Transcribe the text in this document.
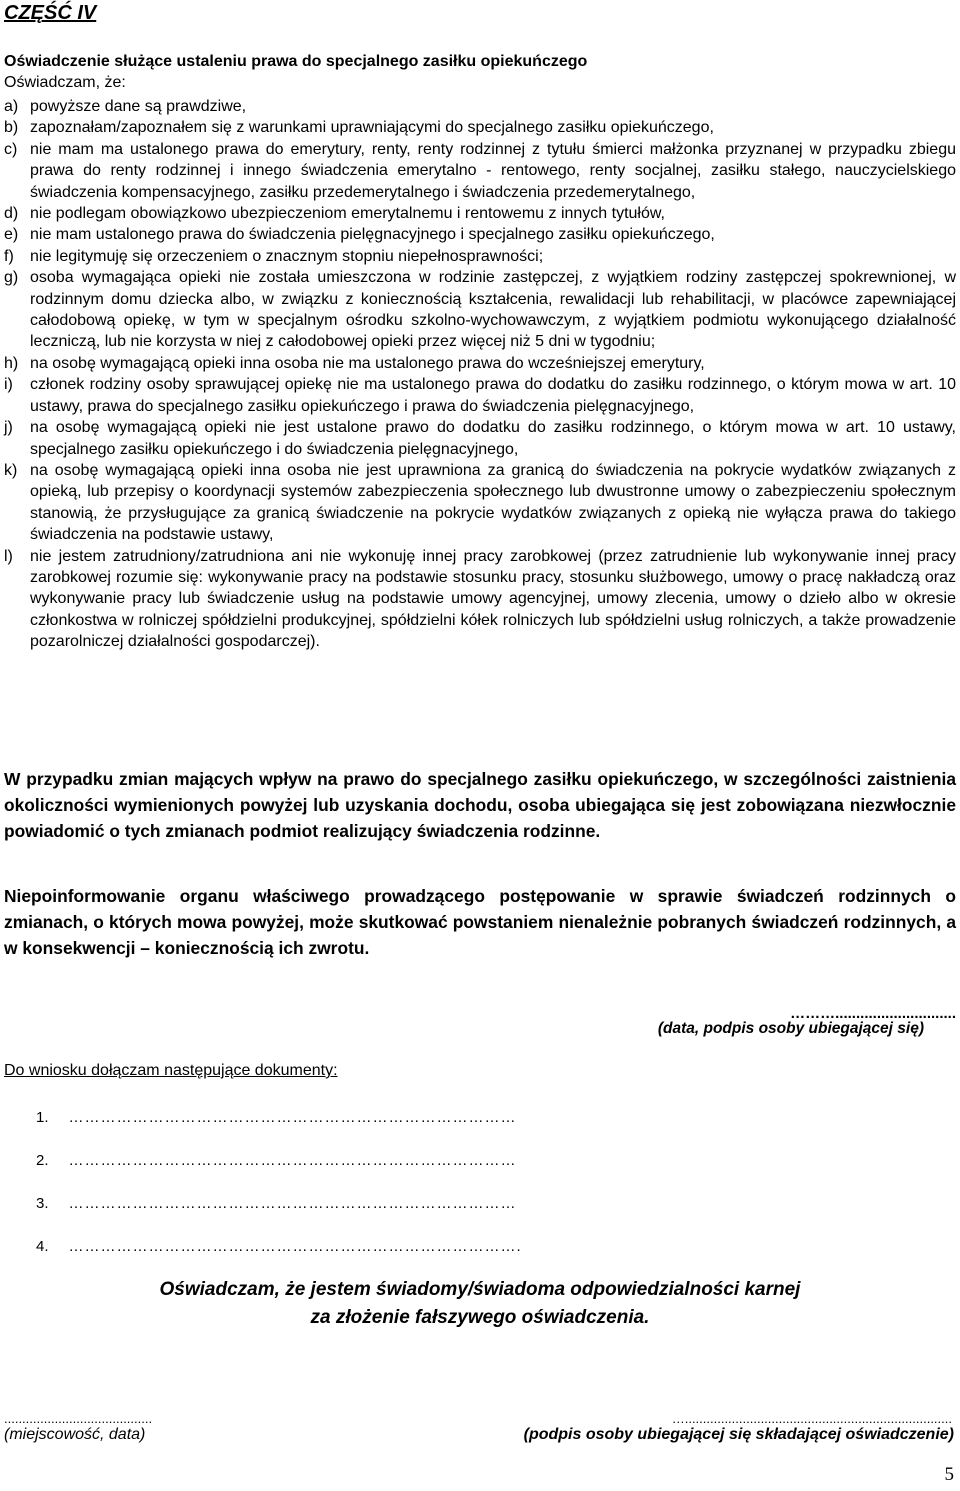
CZĘŚĆ IV
Oświadczenie służące ustaleniu prawa do specjalnego zasiłku opiekuńczego
Oświadczam, że:
a) powyższe dane są prawdziwe,
b) zapoznałam/zapoznałem się z warunkami uprawniającymi do specjalnego zasiłku opiekuńczego,
c) nie mam ma ustalonego prawa do emerytury, renty, renty rodzinnej z tytułu śmierci małżonka przyznanej w przypadku zbiegu prawa do renty rodzinnej i innego świadczenia emerytalno - rentowego, renty socjalnej, zasiłku stałego, nauczycielskiego świadczenia kompensacyjnego, zasiłku przedemerytalnego i świadczenia przedemerytalnego,
d) nie podlegam obowiązkowo ubezpieczeniom emerytalnemu i rentowemu z innych tytułów,
e) nie mam ustalonego prawa do świadczenia pielęgnacyjnego i specjalnego zasiłku opiekuńczego,
f)	nie legitymuję się orzeczeniem o znacznym stopniu niepełnosprawności;
g) osoba wymagająca opieki nie została umieszczona w rodzinie zastępczej, z wyjątkiem rodziny zastępczej spokrewnionej, w rodzinnym domu dziecka albo, w związku z koniecznością kształcenia, rewalidacji lub rehabilitacji, w placówce zapewniającej całodobową opiekę, w tym w specjalnym ośrodku szkolno-wychowawczym, z wyjątkiem podmiotu wykonującego działalność leczniczą, lub nie korzysta w niej z całodobowej opieki przez więcej niż 5 dni w tygodniu;
h) na osobę wymagającą opieki inna osoba nie ma ustalonego prawa do wcześniejszej emerytury,
i)	członek rodziny osoby sprawującej opiekę nie ma ustalonego prawa do dodatku do zasiłku rodzinnego, o którym mowa w art. 10 ustawy, prawa do specjalnego zasiłku opiekuńczego i prawa do świadczenia pielęgnacyjnego,
j)	na osobę wymagającą opieki nie jest ustalone prawo do dodatku do zasiłku rodzinnego, o którym mowa w art. 10 ustawy, specjalnego zasiłku opiekuńczego i do świadczenia pielęgnacyjnego,
k) na osobę wymagającą opieki inna osoba nie jest uprawniona za granicą do świadczenia na pokrycie wydatków związanych z opieką, lub przepisy o koordynacji systemów zabezpieczenia społecznego lub dwustronne umowy o zabezpieczeniu społecznym stanowią, że przysługujące za granicą świadczenie na pokrycie wydatków związanych z opieką nie wyłącza prawa do takiego świadczenia na podstawie ustawy,
l)	nie jestem zatrudniony/zatrudniona ani nie wykonuję innej pracy zarobkowej (przez zatrudnienie lub wykonywanie innej pracy zarobkowej rozumie się: wykonywanie pracy na podstawie stosunku pracy, stosunku służbowego, umowy o pracę nakładczą oraz wykonywanie pracy lub świadczenie usług na podstawie umowy agencyjnej, umowy zlecenia, umowy o dzieło albo w okresie członkostwa w rolniczej spółdzielni produkcyjnej, spółdzielni kółek rolniczych lub spółdzielni usług rolniczych, a także prowadzenie pozarolniczej działalności gospodarczej).
W przypadku zmian mających wpływ na prawo do specjalnego zasiłku opiekuńczego, w szczególności zaistnienia okoliczności wymienionych powyżej lub uzyskania dochodu, osoba ubiegająca się jest zobowiązana niezwłocznie powiadomić o tych zmianach podmiot realizujący świadczenia rodzinne.
Niepoinformowanie organu właściwego prowadzącego postępowanie w sprawie świadczeń rodzinnych o zmianach, o których mowa powyżej, może skutkować powstaniem nienależnie pobranych świadczeń rodzinnych, a w konsekwencji – koniecznością ich zwrotu.
……….............................
(data, podpis osoby ubiegającej się)
Do wniosku dołączam następujące dokumenty:
1. …………………………………………………………………………
2. …………………………………………………………………………
3. …………………………………………………………………………
4. ………………………………………………………………………….
Oświadczam, że jestem świadomy/świadoma odpowiedzialności karnej
za złożenie fałszywego oświadczenia.
.........................................	…..........................................................................
(miejscowość, data)	(podpis osoby ubiegającej się składającej oświadczenie)
5
